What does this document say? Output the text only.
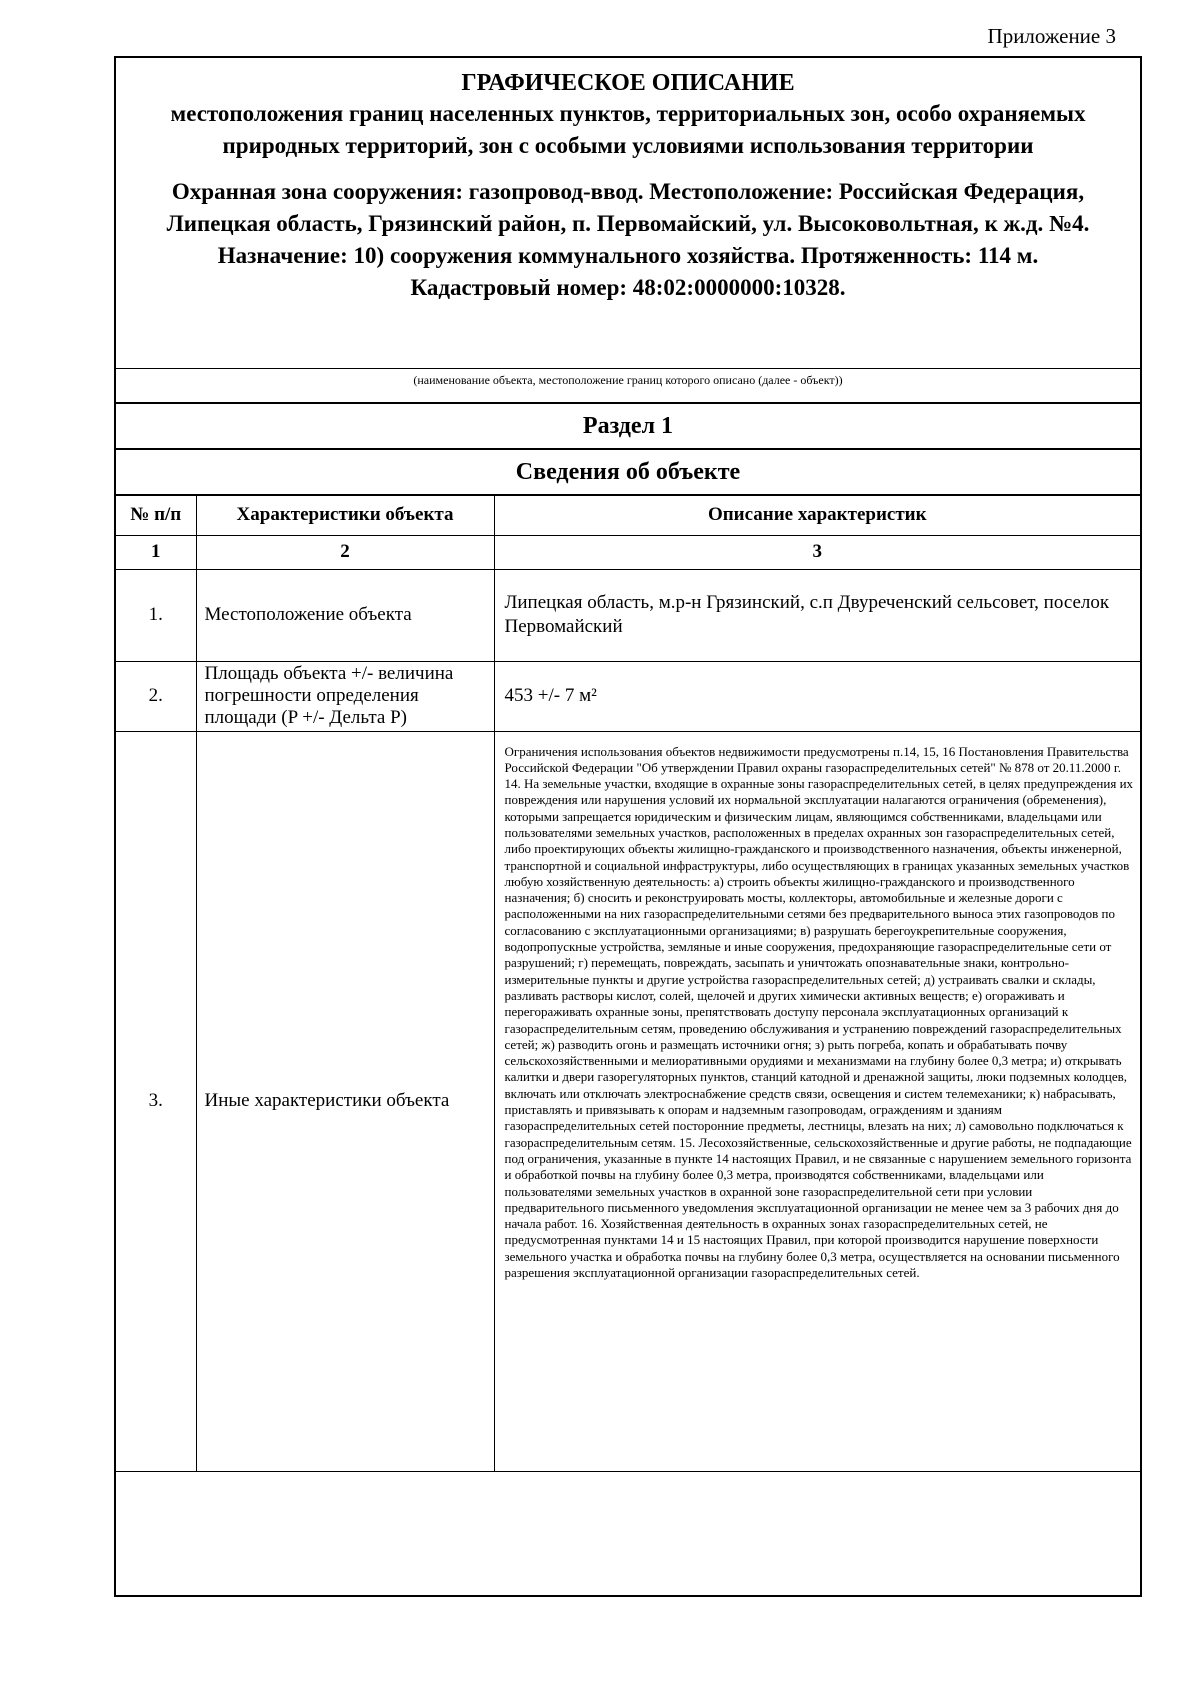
Приложение 3
ГРАФИЧЕСКОЕ ОПИСАНИЕ
местоположения границ населенных пунктов, территориальных зон, особо охраняемых природных территорий, зон с особыми условиями использования территории
Охранная зона сооружения: газопровод-ввод. Местоположение: Российская Федерация, Липецкая область, Грязинский район, п. Первомайский, ул. Высоковольтная, к ж.д. №4. Назначение: 10) сооружения коммунального хозяйства. Протяженность: 114 м. Кадастровый номер: 48:02:0000000:10328.
(наименование объекта, местоположение границ которого описано (далее - объект))
Раздел 1
Сведения об объекте
№ п/п	Характеристики объекта	Описание характеристик
1	2	3
1.	Местоположение объекта	Липецкая область, м.р-н Грязинский, с.п Двуреченский сельсовет, поселок Первомайский
2.	Площадь объекта +/- величина погрешности определения площади (P +/- Дельта P)	453 +/- 7 м²
3.	Иные характеристики объекта	Ограничения использования объектов недвижимости предусмотрены п.14, 15, 16 Постановления Правительства Российской Федерации "Об утверждении Правил охраны газораспределительных сетей" № 878 от 20.11.2000 г. 14. На земельные участки, входящие в охранные зоны газораспределительных сетей, в целях предупреждения их повреждения или нарушения условий их нормальной эксплуатации налагаются ограничения (обременения), которыми запрещается юридическим и физическим лицам, являющимся собственниками, владельцами или пользователями земельных участков, расположенных в пределах охранных зон газораспределительных сетей, либо проектирующих объекты жилищно-гражданского и производственного назначения, объекты инженерной, транспортной и социальной инфраструктуры, либо осуществляющих в границах указанных земельных участков любую хозяйственную деятельность: а) строить объекты жилищно-гражданского и производственного назначения; б) сносить и реконструировать мосты, коллекторы, автомобильные и железные дороги с расположенными на них газораспределительными сетями без предварительного выноса этих газопроводов по согласованию с эксплуатационными организациями; в) разрушать берегоукрепительные сооружения, водопропускные устройства, земляные и иные сооружения, предохраняющие газораспределительные сети от разрушений; г) перемещать, повреждать, засыпать и уничтожать опознавательные знаки, контрольно-измерительные пункты и другие устройства газораспределительных сетей; д) устраивать свалки и склады, разливать растворы кислот, солей, щелочей и других химически активных веществ; е) огораживать и перегораживать охранные зоны, препятствовать доступу персонала эксплуатационных организаций к газораспределительным сетям, проведению обслуживания и устранению повреждений газораспределительных сетей; ж) разводить огонь и размещать источники огня; з) рыть погреба, копать и обрабатывать почву сельскохозяйственными и мелиоративными орудиями и механизмами на глубину более 0,3 метра; и) открывать калитки и двери газорегуляторных пунктов, станций катодной и дренажной защиты, люки подземных колодцев, включать или отключать электроснабжение средств связи, освещения и систем телемеханики; к) набрасывать, приставлять и привязывать к опорам и надземным газопроводам, ограждениям и зданиям газораспределительных сетей посторонние предметы, лестницы, влезать на них; л) самовольно подключаться к газораспределительным сетям. 15. Лесохозяйственные, сельскохозяйственные и другие работы, не подпадающие под ограничения, указанные в пункте 14 настоящих Правил, и не связанные с нарушением земельного горизонта и обработкой почвы на глубину более 0,3 метра, производятся собственниками, владельцами или пользователями земельных участков в охранной зоне газораспределительной сети при условии предварительного письменного уведомления эксплуатационной организации не менее чем за 3 рабочих дня до начала работ. 16. Хозяйственная деятельность в охранных зонах газораспределительных сетей, не предусмотренная пунктами 14 и 15 настоящих Правил, при которой производится нарушение поверхности земельного участка и обработка почвы на глубину более 0,3 метра, осуществляется на основании письменного разрешения эксплуатационной организации газораспределительных сетей.
